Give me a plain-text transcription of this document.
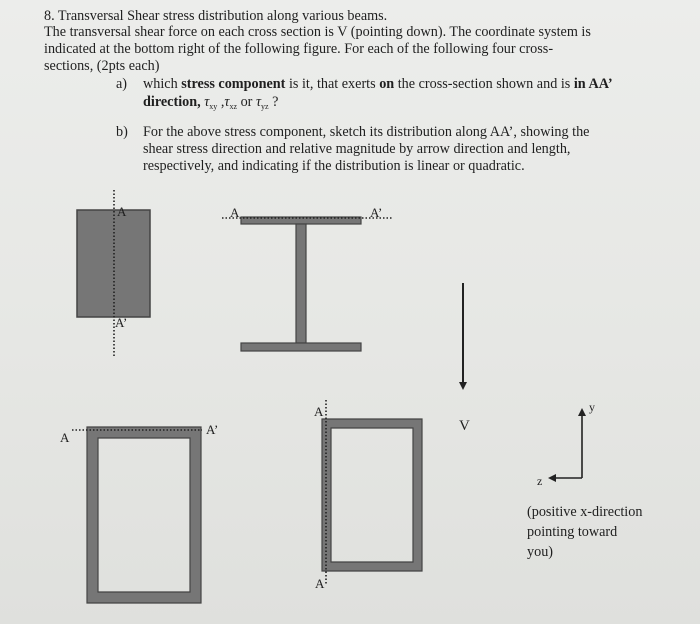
8. Transversal Shear stress distribution along various beams.
The transversal shear force on each cross section is V (pointing down). The coordinate system is
indicated at the bottom right of the following figure. For each of the following four cross-
sections, (2pts each)
a) which stress component is it, that exerts on the cross-section shown and is in AA’
direction, $\tau_{xy}$ $,\tau_{xz}$ or $\tau_{yz}$ ?
b) For the above stress component, sketch its distribution along AA’, showing the
shear stress direction and relative magnitude by arrow direction and length,
respectively, and indicating if the distribution is linear or quadratic.
A
A’
A	A’
V
A
A’
A
A
y
z
(positive x-direction
pointing toward
you)
